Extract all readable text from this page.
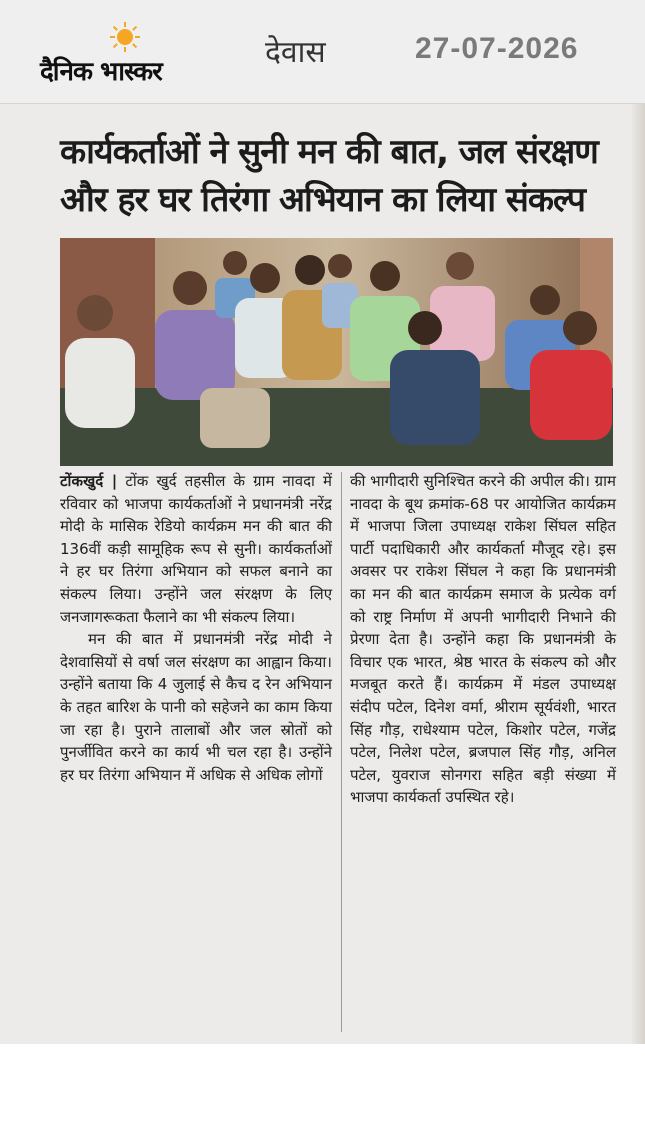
दैनिक भास्कर
देवास	27-07-2026
कार्यकर्ताओं ने सुनी मन की बात, जल संरक्षण और हर घर तिरंगा अभियान का लिया संकल्प

टोंकखुर्द | टोंक खुर्द तहसील के ग्राम नावदा में रविवार को भाजपा कार्यकर्ताओं ने प्रधानमंत्री नरेंद्र मोदी के मासिक रेडियो कार्यक्रम मन की बात की 136वीं कड़ी सामूहिक रूप से सुनी। कार्यकर्ताओं ने हर घर तिरंगा अभियान को सफल बनाने का संकल्प लिया। उन्होंने जल संरक्षण के लिए जनजागरूकता फैलाने का भी संकल्प लिया।

मन की बात में प्रधानमंत्री नरेंद्र मोदी ने देशवासियों से वर्षा जल संरक्षण का आह्वान किया। उन्होंने बताया कि 4 जुलाई से कैच द रेन अभियान के तहत बारिश के पानी को सहेजने का काम किया जा रहा है। पुराने तालाबों और जल स्रोतों को पुनर्जीवित करने का कार्य भी चल रहा है। उन्होंने हर घर तिरंगा अभियान में अधिक से अधिक लोगों

की भागीदारी सुनिश्चित करने की अपील की। ग्राम नावदा के बूथ क्रमांक-68 पर आयोजित कार्यक्रम में भाजपा जिला उपाध्यक्ष राकेश सिंघल सहित पार्टी पदाधिकारी और कार्यकर्ता मौजूद रहे। इस अवसर पर राकेश सिंघल ने कहा कि प्रधानमंत्री का मन की बात कार्यक्रम समाज के प्रत्येक वर्ग को राष्ट्र निर्माण में अपनी भागीदारी निभाने की प्रेरणा देता है। उन्होंने कहा कि प्रधानमंत्री के विचार एक भारत, श्रेष्ठ भारत के संकल्प को और मजबूत करते हैं। कार्यक्रम में मंडल उपाध्यक्ष संदीप पटेल, दिनेश वर्मा, श्रीराम सूर्यवंशी, भारत सिंह गौड़, राधेश्याम पटेल, किशोर पटेल, गजेंद्र पटेल, निलेश पटेल, ब्रजपाल सिंह गौड़, अनिल पटेल, युवराज सोनगरा सहित बड़ी संख्या में भाजपा कार्यकर्ता उपस्थित रहे।
